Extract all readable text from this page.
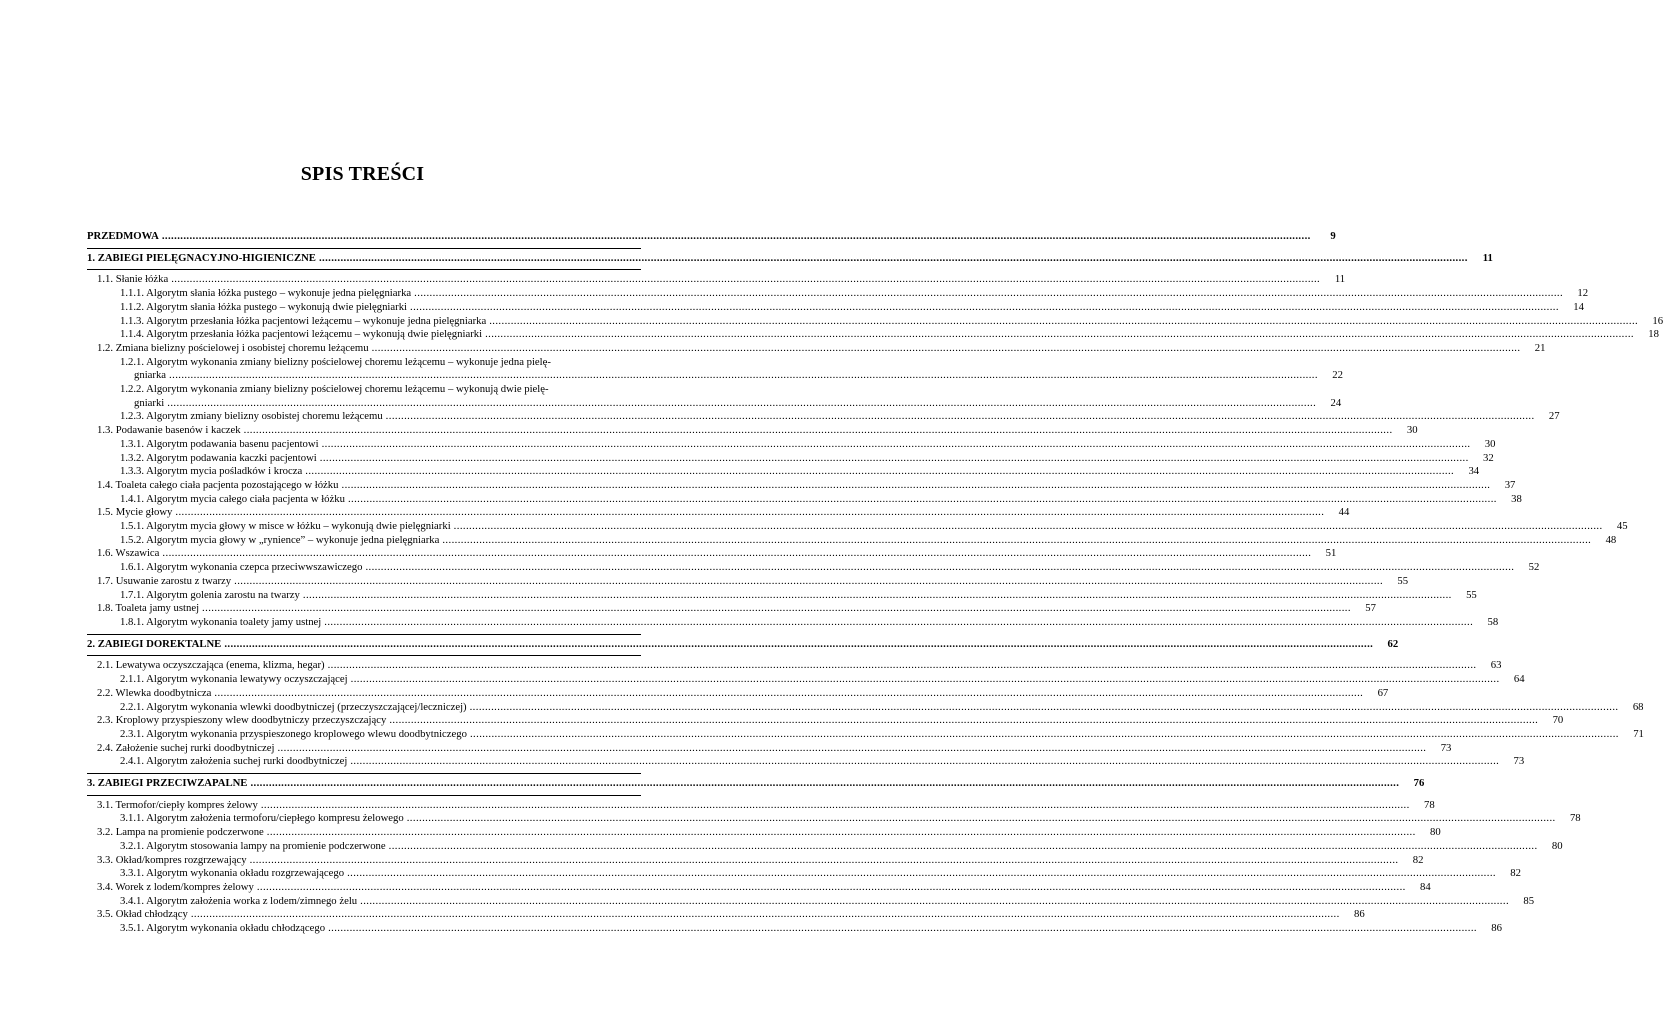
SPIS TREŚCI
PRZEDMOWA .....	9
1. ZABIEGI PIELĘGNACYJNO-HIGIENICZNE .....	11
1.1. Słanie łóżka .....	11
1.1.1. Algorytm słania łóżka pustego – wykonuje jedna pielęgniarka .....	12
1.1.2. Algorytm słania łóżka pustego – wykonują dwie pielęgniarki .....	14
1.1.3. Algorytm przesłania łóżka pacjentowi leżącemu – wykonuje jedna pielęgniarka .....	16
1.1.4. Algorytm przesłania łóżka pacjentowi leżącemu – wykonują dwie pielęgniarki .....	18
1.2. Zmiana bielizny pościelowej i osobistej choremu leżącemu .....	21
1.2.1. Algorytm wykonania zmiany bielizny pościelowej choremu leżącemu – wykonuje jedna pielę-
gniarka .....	22
1.2.2. Algorytm wykonania zmiany bielizny pościelowej choremu leżącemu – wykonują dwie pielę-
gniarki .....	24
1.2.3. Algorytm zmiany bielizny osobistej choremu leżącemu .....	27
1.3. Podawanie basenów i kaczek .....	30
1.3.1. Algorytm podawania basenu pacjentowi .....	30
1.3.2. Algorytm podawania kaczki pacjentowi .....	32
1.3.3. Algorytm mycia pośladków i krocza .....	34
1.4. Toaleta całego ciała pacjenta pozostającego w łóżku .....	37
1.4.1. Algorytm mycia całego ciała pacjenta w łóżku .....	38
1.5. Mycie głowy .....	44
1.5.1. Algorytm mycia głowy w misce w łóżku – wykonują dwie pielęgniarki .....	45
1.5.2. Algorytm mycia głowy w „rynience” – wykonuje jedna pielęgniarka .....	48
1.6. Wszawica .....	51
1.6.1. Algorytm wykonania czepca przeciwwszawiczego .....	52
1.7. Usuwanie zarostu z twarzy .....	55
1.7.1. Algorytm golenia zarostu na twarzy .....	55
1.8. Toaleta jamy ustnej .....	57
1.8.1. Algorytm wykonania toalety jamy ustnej .....	58
2. ZABIEGI DOREKTALNE .....	62
2.1. Lewatywa oczyszczająca (enema, klizma, hegar) .....	63
2.1.1. Algorytm wykonania lewatywy oczyszczającej .....	64
2.2. Wlewka doodbytnicza .....	67
2.2.1. Algorytm wykonania wlewki doodbytniczej (przeczyszczającej/leczniczej) .....	68
2.3. Kroplowy przyspieszony wlew doodbytniczy przeczyszczający .....	70
2.3.1. Algorytm wykonania przyspieszonego kroplowego wlewu doodbytniczego .....	71
2.4. Założenie suchej rurki doodbytniczej .....	73
2.4.1. Algorytm założenia suchej rurki doodbytniczej .....	73
3. ZABIEGI PRZECIWZAPALNE .....	76
3.1. Termofor/ciepły kompres żelowy .....	78
3.1.1. Algorytm założenia termoforu/ciepłego kompresu żelowego .....	78
3.2. Lampa na promienie podczerwone .....	80
3.2.1. Algorytm stosowania lampy na promienie podczerwone .....	80
3.3. Okład/kompres rozgrzewający .....	82
3.3.1. Algorytm wykonania okładu rozgrzewającego .....	82
3.4. Worek z lodem/kompres żelowy .....	84
3.4.1. Algorytm założenia worka z lodem/zimnego żelu .....	85
3.5. Okład chłodzący .....	86
3.5.1. Algorytm wykonania okładu chłodzącego .....	86
